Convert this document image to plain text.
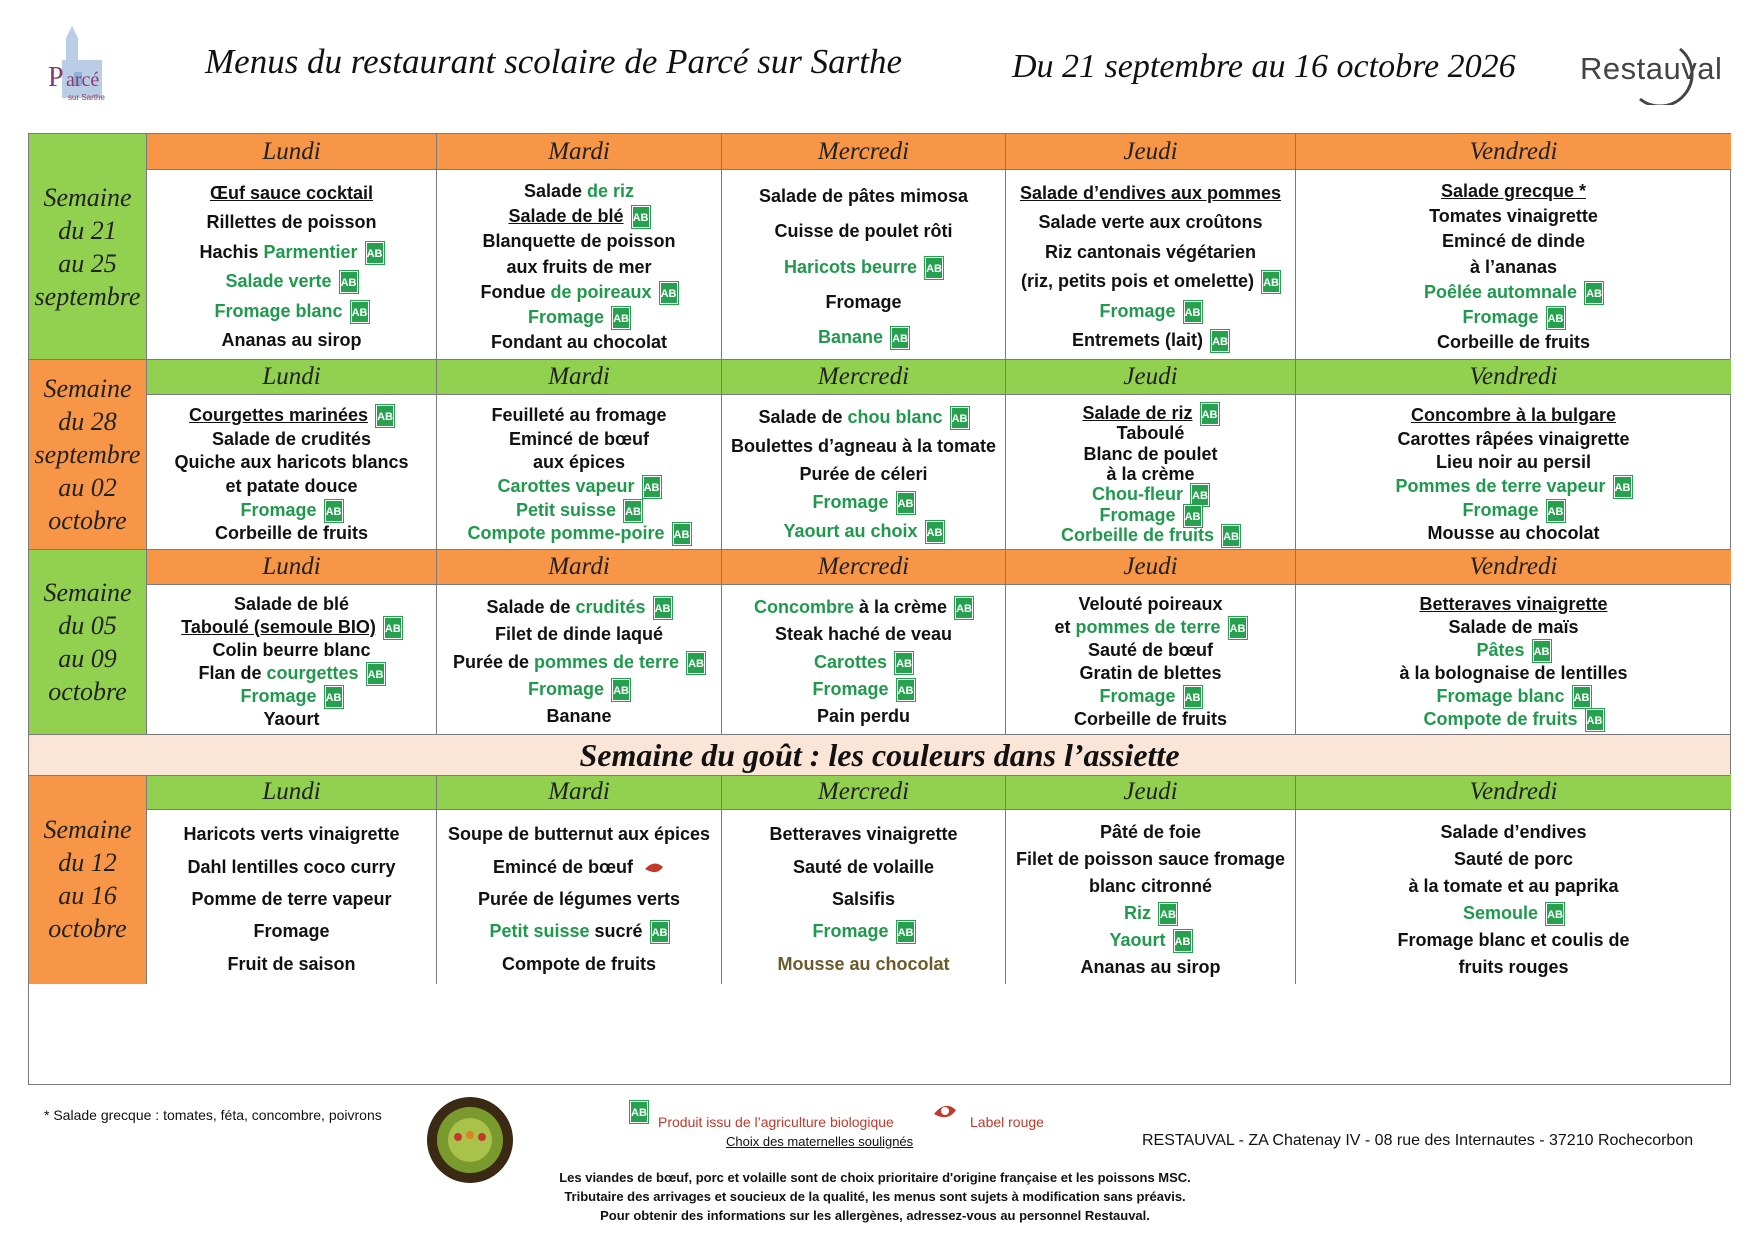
P arcé
sur Sarthe
Menus du restaurant scolaire de Parcé sur Sarthe	Du 21 septembre au 16 octobre 2026 Restauval
Semaine
du 21
au 25
septembre
Lundi
Œuf sauce cocktail
Rillettes de poisson
Hachis Parmentier AB
Salade verte AB
Fromage blanc AB
Ananas au sirop
Mardi
Salade de riz
Salade de blé AB
Blanquette de poisson
aux fruits de mer
Fondue de poireaux AB
Fromage AB
Fondant au chocolat
Mercredi
Salade de pâtes mimosa
Cuisse de poulet rôti
Haricots beurre AB
Fromage
Banane AB
Jeudi
Salade d’endives aux pommes
Salade verte aux croûtons
Riz cantonais végétarien
(riz, petits pois et omelette) AB
Fromage AB
Entremets (lait) AB
Vendredi
Salade grecque *
Tomates vinaigrette
Emincé de dinde
à l’ananas
Poêlée automnale AB
Fromage AB
Corbeille de fruits
Semaine
du 28
septembre
au 02
octobre
Lundi
Courgettes marinées AB
Salade de crudités
Quiche aux haricots blancs
et patate douce
Fromage AB
Corbeille de fruits
Mardi
Feuilleté au fromage
Emincé de bœuf
aux épices
Carottes vapeur AB
Petit suisse AB
Compote pomme-poire AB
Mercredi
Salade de chou blanc AB
Boulettes d’agneau à la tomate
Purée de céleri
Fromage AB
Yaourt au choix AB
Jeudi
Salade de riz AB
Taboulé
Blanc de poulet
à la crème
Chou-fleur AB
Fromage AB
Corbeille de fruits AB
Vendredi
Concombre à la bulgare
Carottes râpées vinaigrette
Lieu noir au persil
Pommes de terre vapeur AB
Fromage AB
Mousse au chocolat
Semaine
du 05
au 09
octobre
Lundi
Salade de blé
Taboulé (semoule BIO) AB
Colin beurre blanc
Flan de courgettes AB
Fromage AB
Yaourt
Mardi
Salade de crudités AB
Filet de dinde laqué
Purée de pommes de terre AB
Fromage AB
Banane
Mercredi
Concombre à la crème AB
Steak haché de veau
Carottes AB
Fromage AB
Pain perdu
Jeudi
Velouté poireaux
et pommes de terre AB
Sauté de bœuf
Gratin de blettes
Fromage AB
Corbeille de fruits
Vendredi
Betteraves vinaigrette
Salade de maïs
Pâtes AB
à la bolognaise de lentilles
Fromage blanc AB
Compote de fruits AB
Semaine
du 12
au 16
octobre
Lundi
Haricots verts vinaigrette
Dahl lentilles coco curry
Pomme de terre vapeur
Fromage
Fruit de saison
Mardi
Soupe de butternut aux épices
Emincé de bœuf
Purée de légumes verts
Petit suisse sucré AB
Compote de fruits
Mercredi
Betteraves vinaigrette
Sauté de volaille
Salsifis
Fromage AB
Mousse au chocolat
Jeudi
Pâté de foie
Filet de poisson sauce fromage
blanc citronné
Riz AB
Yaourt AB
Ananas au sirop
Vendredi
Salade d’endives
Sauté de porc
à la tomate et au paprika
Semoule AB
Fromage blanc et coulis de
fruits rouges
Semaine du goût : les couleurs dans l’assiette
* Salade grecque : tomates, féta, concombre, poivrons	AB
Produit issu de l’agriculture biologique	Label rouge
Choix des maternelles soulignés	RESTAUVAL - ZA Chatenay IV - 08 rue des Internautes - 37210 Rochecorbon
Les viandes de bœuf, porc et volaille sont de choix prioritaire d'origine française et les poissons MSC.
Tributaire des arrivages et soucieux de la qualité, les menus sont sujets à modification sans préavis.
Pour obtenir des informations sur les allergènes, adressez-vous au personnel Restauval.
